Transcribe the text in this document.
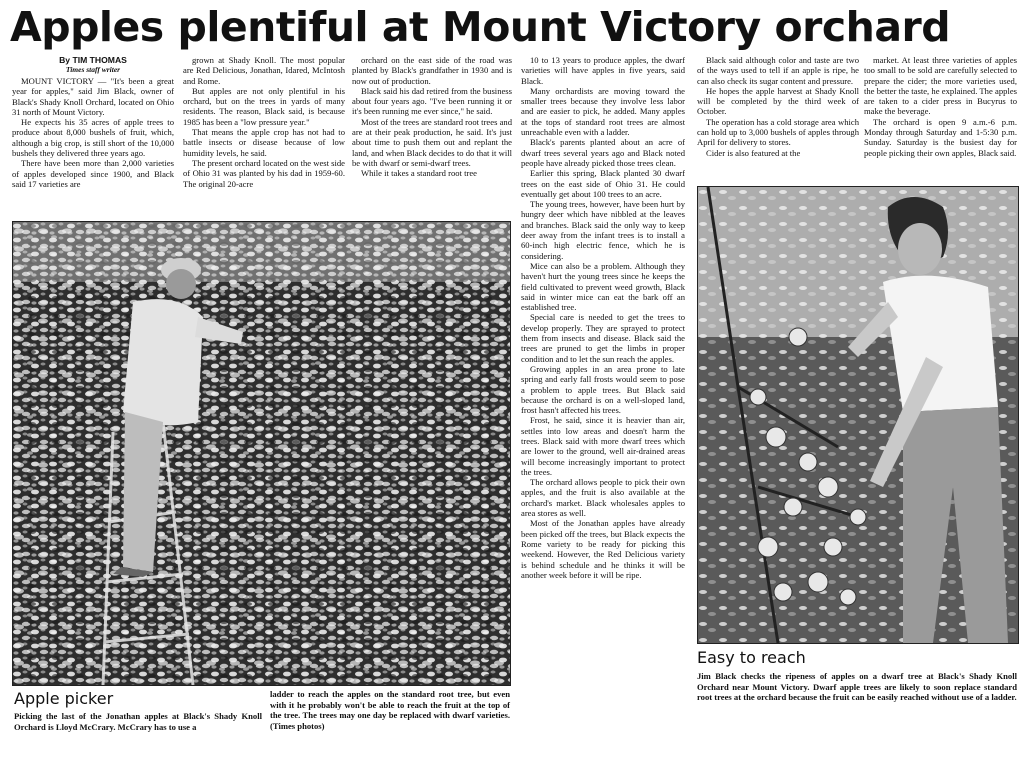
Apples plentiful at Mount Victory orchard
By TIM THOMAS
Times staff writer

MOUNT VICTORY — "It's been a great year for apples," said Jim Black, owner of Black's Shady Knoll Orchard, located on Ohio 31 north of Mount Victory.

He expects his 35 acres of apple trees to produce about 8,000 bushels of fruit, which, although a big crop, is still short of the 10,000 bushels they delivered three years ago.

There have been more than 2,000 varieties of apples developed since 1900, and Black said 17 varieties are

grown at Shady Knoll. The most popular are Red Delicious, Jonathan, Idared, McIntosh and Rome.

But apples are not only plentiful in his orchard, but on the trees in yards of many residents. The reason, Black said, is because 1985 has been a "low pressure year."

That means the apple crop has not had to battle insects or disease because of low humidity levels, he said.

The present orchard located on the west side of Ohio 31 was planted by his dad in 1959-60. The original 20-acre

orchard on the east side of the road was planted by Black's grandfather in 1930 and is now out of production.

Black said his dad retired from the business about four years ago. "I've been running it or it's been running me ever since," he said.

Most of the trees are standard root trees and are at their peak production, he said. It's just about time to push them out and replant the land, and when Black decides to do that it will be with dwarf or semi-dwarf trees.

While it takes a standard root tree

10 to 13 years to produce apples, the dwarf varieties will have apples in five years, said Black.

Many orchardists are moving toward the smaller trees because they involve less labor and are easier to pick, he added. Many apples at the tops of standard root trees are almost unreachable even with a ladder.

Black's parents planted about an acre of dwarf trees several years ago and Black noted people have already picked those trees clean.

Earlier this spring, Black planted 30 dwarf trees on the east side of Ohio 31. He could eventually get about 100 trees to an acre.

The young trees, however, have been hurt by hungry deer which have nibbled at the leaves and branches. Black said the only way to keep deer away from the infant trees is to install a 60-inch high electric fence, which he is considering.

Mice can also be a problem. Although they haven't hurt the young trees since he keeps the field cultivated to prevent weed growth, Black said in winter mice can eat the bark off an established tree.

Special care is needed to get the trees to develop properly. They are sprayed to protect them from insects and disease. Black said the trees are pruned to get the limbs in proper condition and to let the sun reach the apples.

Growing apples in an area prone to late spring and early fall frosts would seem to pose a problem to apple trees. But Black said because the orchard is on a well-sloped land, frost hasn't affected his trees.

Frost, he said, since it is heavier than air, settles into low areas and doesn't harm the trees. Black said with more dwarf trees which are lower to the ground, well air-drained areas will become increasingly important to protect the trees.

The orchard allows people to pick their own apples, and the fruit is also available at the orchard's market. Black wholesales apples to area stores as well.

Most of the Jonathan apples have already been picked off the trees, but Black expects the Rome variety to be ready for picking this weekend. However, the Red Delicious variety is behind schedule and he thinks it will be another week before it will be ripe.

Black said although color and taste are two of the ways used to tell if an apple is ripe, he can also check its sugar content and pressure.

He hopes the apple harvest at Shady Knoll will be completed by the third week of October.

The operation has a cold storage area which can hold up to 3,000 bushels of apples through April for delivery to stores.

Cider is also featured at the

market. At least three varieties of apples too small to be sold are carefully selected to prepare the cider; the more varieties used, the better the taste, he explained. The apples are taken to a cider press in Bucyrus to make the beverage.

The orchard is open 9 a.m.-6 p.m. Monday through Saturday and 1-5:30 p.m. Sunday. Saturday is the busiest day for people picking their own apples, Black said.

Apple picker
Picking the last of the Jonathan apples at Black's Shady Knoll Orchard is Lloyd McCrary. McCrary has to use a
ladder to reach the apples on the standard root tree, but even with it he probably won't be able to reach the fruit at the top of the tree. The trees may one day be replaced with dwarf varieties. (Times photos)
Easy to reach
Jim Black checks the ripeness of apples on a dwarf tree at Black's Shady Knoll Orchard near Mount Victory. Dwarf apple trees are likely to soon replace standard root trees at the orchard because the fruit can be easily reached without use of a ladder.
